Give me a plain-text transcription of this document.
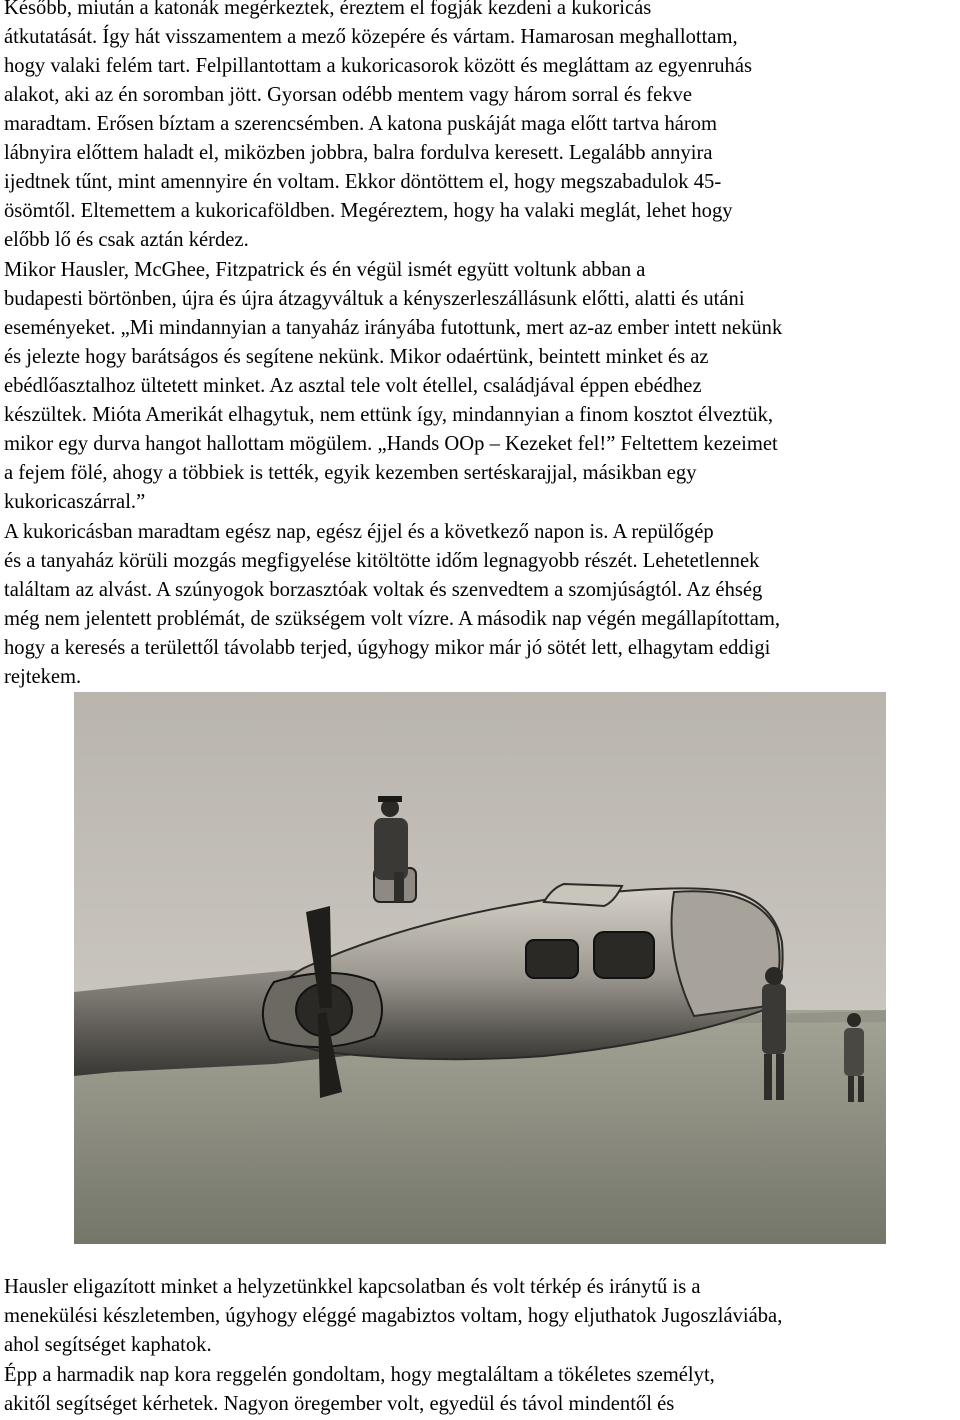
Később, miután a katonák megérkeztek, éreztem el fogják kezdeni a kukoricás

átkutatását. Így hát visszamentem a mező közepére és vártam. Hamarosan meghallottam,

hogy valaki felém tart. Felpillantottam a kukoricasorok között és megláttam az egyenruhás

alakot, aki az én soromban jött. Gyorsan odébb mentem vagy három sorral és fekve

maradtam. Erősen bíztam a szerencsémben. A katona puskáját maga előtt tartva három

lábnyira előttem haladt el, miközben jobbra, balra fordulva keresett. Legalább annyira

ijedtnek tűnt, mint amennyire én voltam. Ekkor döntöttem el, hogy megszabadulok 45-

ösömtől. Eltemettem a kukoricaföldben. Megéreztem, hogy ha valaki meglát, lehet hogy

előbb lő és csak aztán kérdez.

Mikor Hausler, McGhee, Fitzpatrick és én végül ismét együtt voltunk abban a

budapesti börtönben, újra és újra átzagyváltuk a kényszerleszállásunk előtti, alatti és utáni

eseményeket. „Mi mindannyian a tanyaház irányába futottunk, mert az-az ember intett nekünk

és jelezte hogy barátságos és segítene nekünk. Mikor odaértünk, beintett minket és az

ebédlőasztalhoz ültetett minket. Az asztal tele volt étellel, családjával éppen ebédhez

készültek. Mióta Amerikát elhagytuk, nem ettünk így, mindannyian a finom kosztot élveztük,

mikor egy durva hangot hallottam mögülem. „Hands OOp – Kezeket fel!” Feltettem kezeimet

a fejem fölé, ahogy a többiek is tették, egyik kezemben sertéskarajjal, másikban egy

kukoricaszárral.”

A kukoricásban maradtam egész nap, egész éjjel és a következő napon is. A repülőgép

és a tanyaház körüli mozgás megfigyelése kitöltötte időm legnagyobb részét. Lehetetlennek

találtam az alvást. A szúnyogok borzasztóak voltak és szenvedtem a szomjúságtól. Az éhség

még nem jelentett problémát, de szükségem volt vízre. A második nap végén megállapítottam,

hogy a keresés a területtől távolabb terjed, úgyhogy mikor már jó sötét lett, elhagytam eddigi

rejtekem.

Hausler eligazított minket a helyzetünkkel kapcsolatban és volt térkép és iránytű is a

menekülési készletemben, úgyhogy eléggé magabiztos voltam, hogy eljuthatok Jugoszláviába,

ahol segítséget kaphatok.

Épp a harmadik nap kora reggelén gondoltam, hogy megtaláltam a tökéletes személyt,

akitől segítséget kérhetek. Nagyon öregember volt, egyedül és távol mindentől és
